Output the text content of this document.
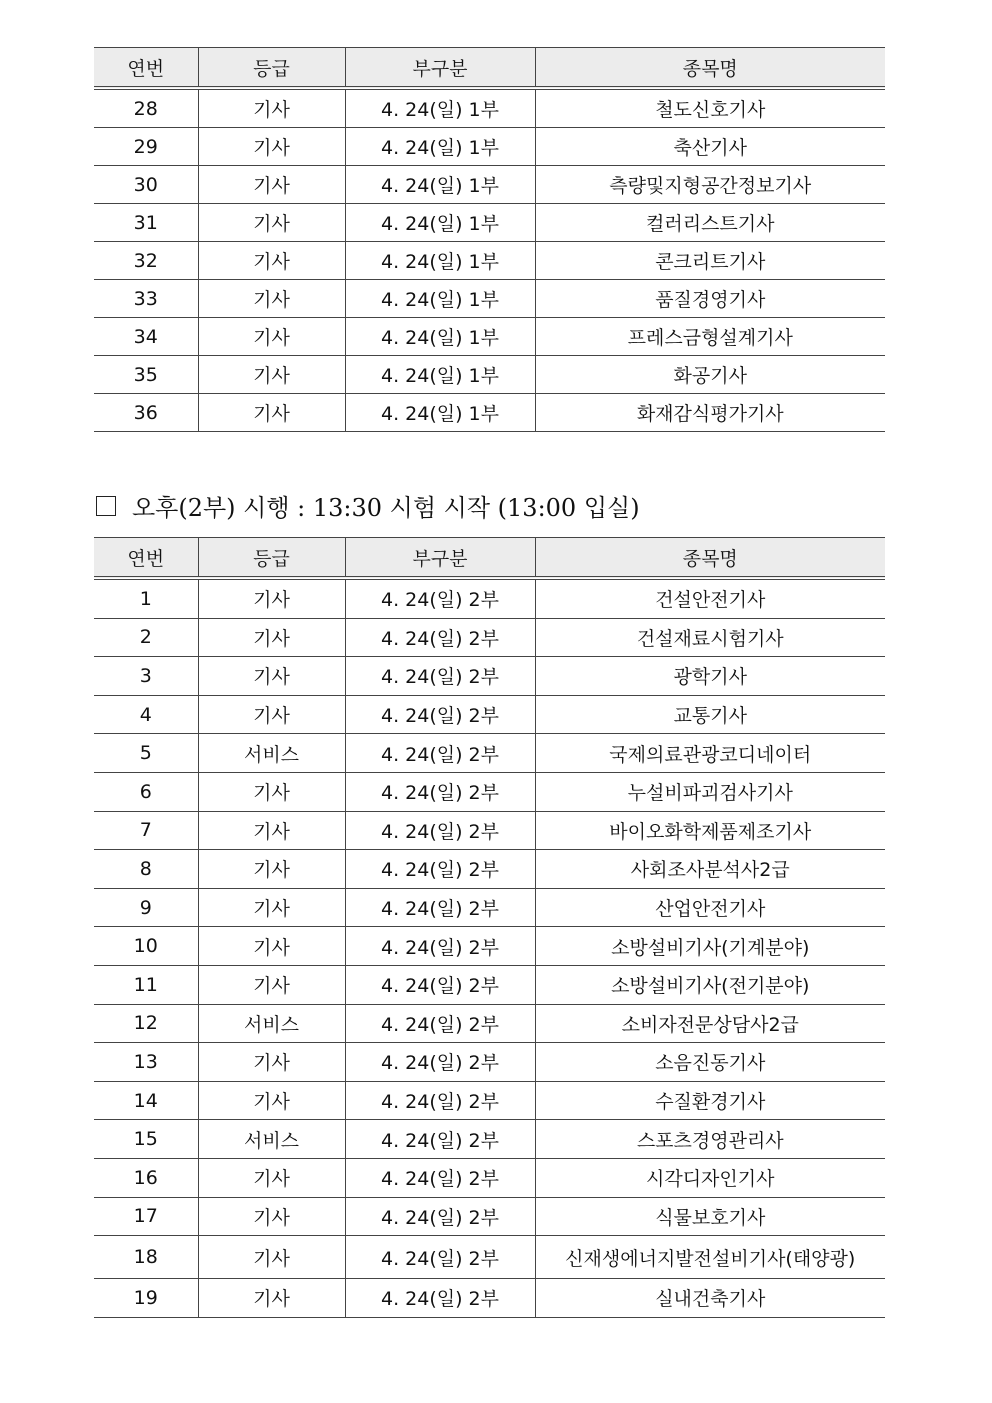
연번	등급	부구분	종목명
28	기사	4. 24(일) 1부	철도신호기사
29	기사	4. 24(일) 1부	축산기사
30	기사	4. 24(일) 1부	측량및지형공간정보기사
31	기사	4. 24(일) 1부	컬러리스트기사
32	기사	4. 24(일) 1부	콘크리트기사
33	기사	4. 24(일) 1부	품질경영기사
34	기사	4. 24(일) 1부	프레스금형설계기사
35	기사	4. 24(일) 1부	화공기사
36	기사	4. 24(일) 1부	화재감식평가기사
오후(2부) 시행 : 13:30 시험 시작 (13:00 입실)
연번	등급	부구분	종목명
1	기사	4. 24(일) 2부	건설안전기사
2	기사	4. 24(일) 2부	건설재료시험기사
3	기사	4. 24(일) 2부	광학기사
4	기사	4. 24(일) 2부	교통기사
5	서비스	4. 24(일) 2부	국제의료관광코디네이터
6	기사	4. 24(일) 2부	누설비파괴검사기사
7	기사	4. 24(일) 2부	바이오화학제품제조기사
8	기사	4. 24(일) 2부	사회조사분석사2급
9	기사	4. 24(일) 2부	산업안전기사
10	기사	4. 24(일) 2부	소방설비기사(기계분야)
11	기사	4. 24(일) 2부	소방설비기사(전기분야)
12	서비스	4. 24(일) 2부	소비자전문상담사2급
13	기사	4. 24(일) 2부	소음진동기사
14	기사	4. 24(일) 2부	수질환경기사
15	서비스	4. 24(일) 2부	스포츠경영관리사
16	기사	4. 24(일) 2부	시각디자인기사
17	기사	4. 24(일) 2부	식물보호기사
18	기사	4. 24(일) 2부	신재생에너지발전설비기사(태양광)
19	기사	4. 24(일) 2부	실내건축기사
